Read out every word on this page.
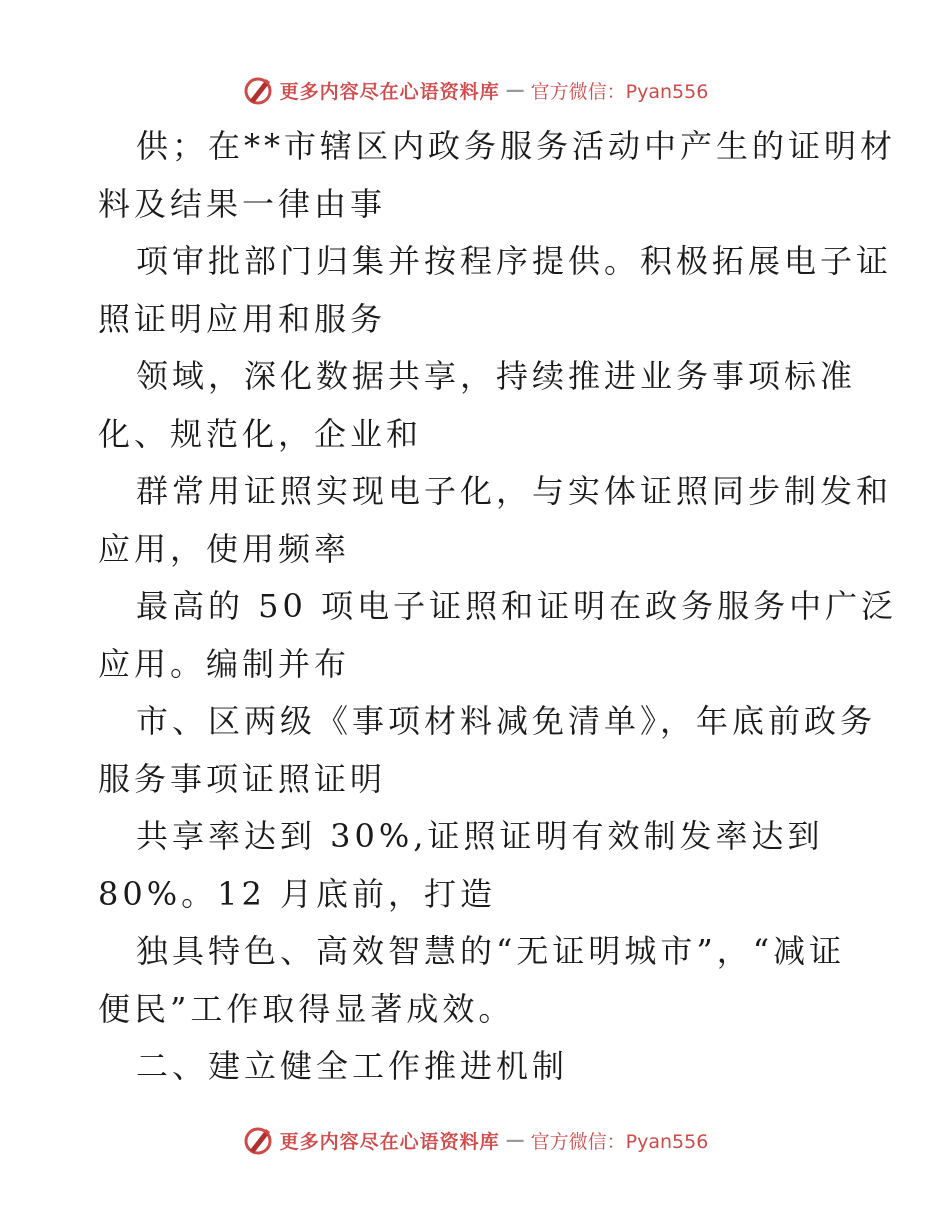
更多内容尽在心语资料库 — 官方微信：Pyan556
供；在**市辖区内政务服务活动中产生的证明材
料及结果一律由事
项审批部门归集并按程序提供。积极拓展电子证
照证明应用和服务
领域，深化数据共享，持续推进业务事项标准
化、规范化，企业和
群常用证照实现电子化，与实体证照同步制发和
应用，使用频率
最高的 50 项电子证照和证明在政务服务中广泛
应用。编制并布
市、区两级《事项材料减免清单》，年底前政务
服务事项证照证明
共享率达到 30%,证照证明有效制发率达到
80%。12 月底前，打造
独具特色、高效智慧的“无证明城市”，“减证
便民”工作取得显著成效。
二、建立健全工作推进机制
更多内容尽在心语资料库 — 官方微信：Pyan556
